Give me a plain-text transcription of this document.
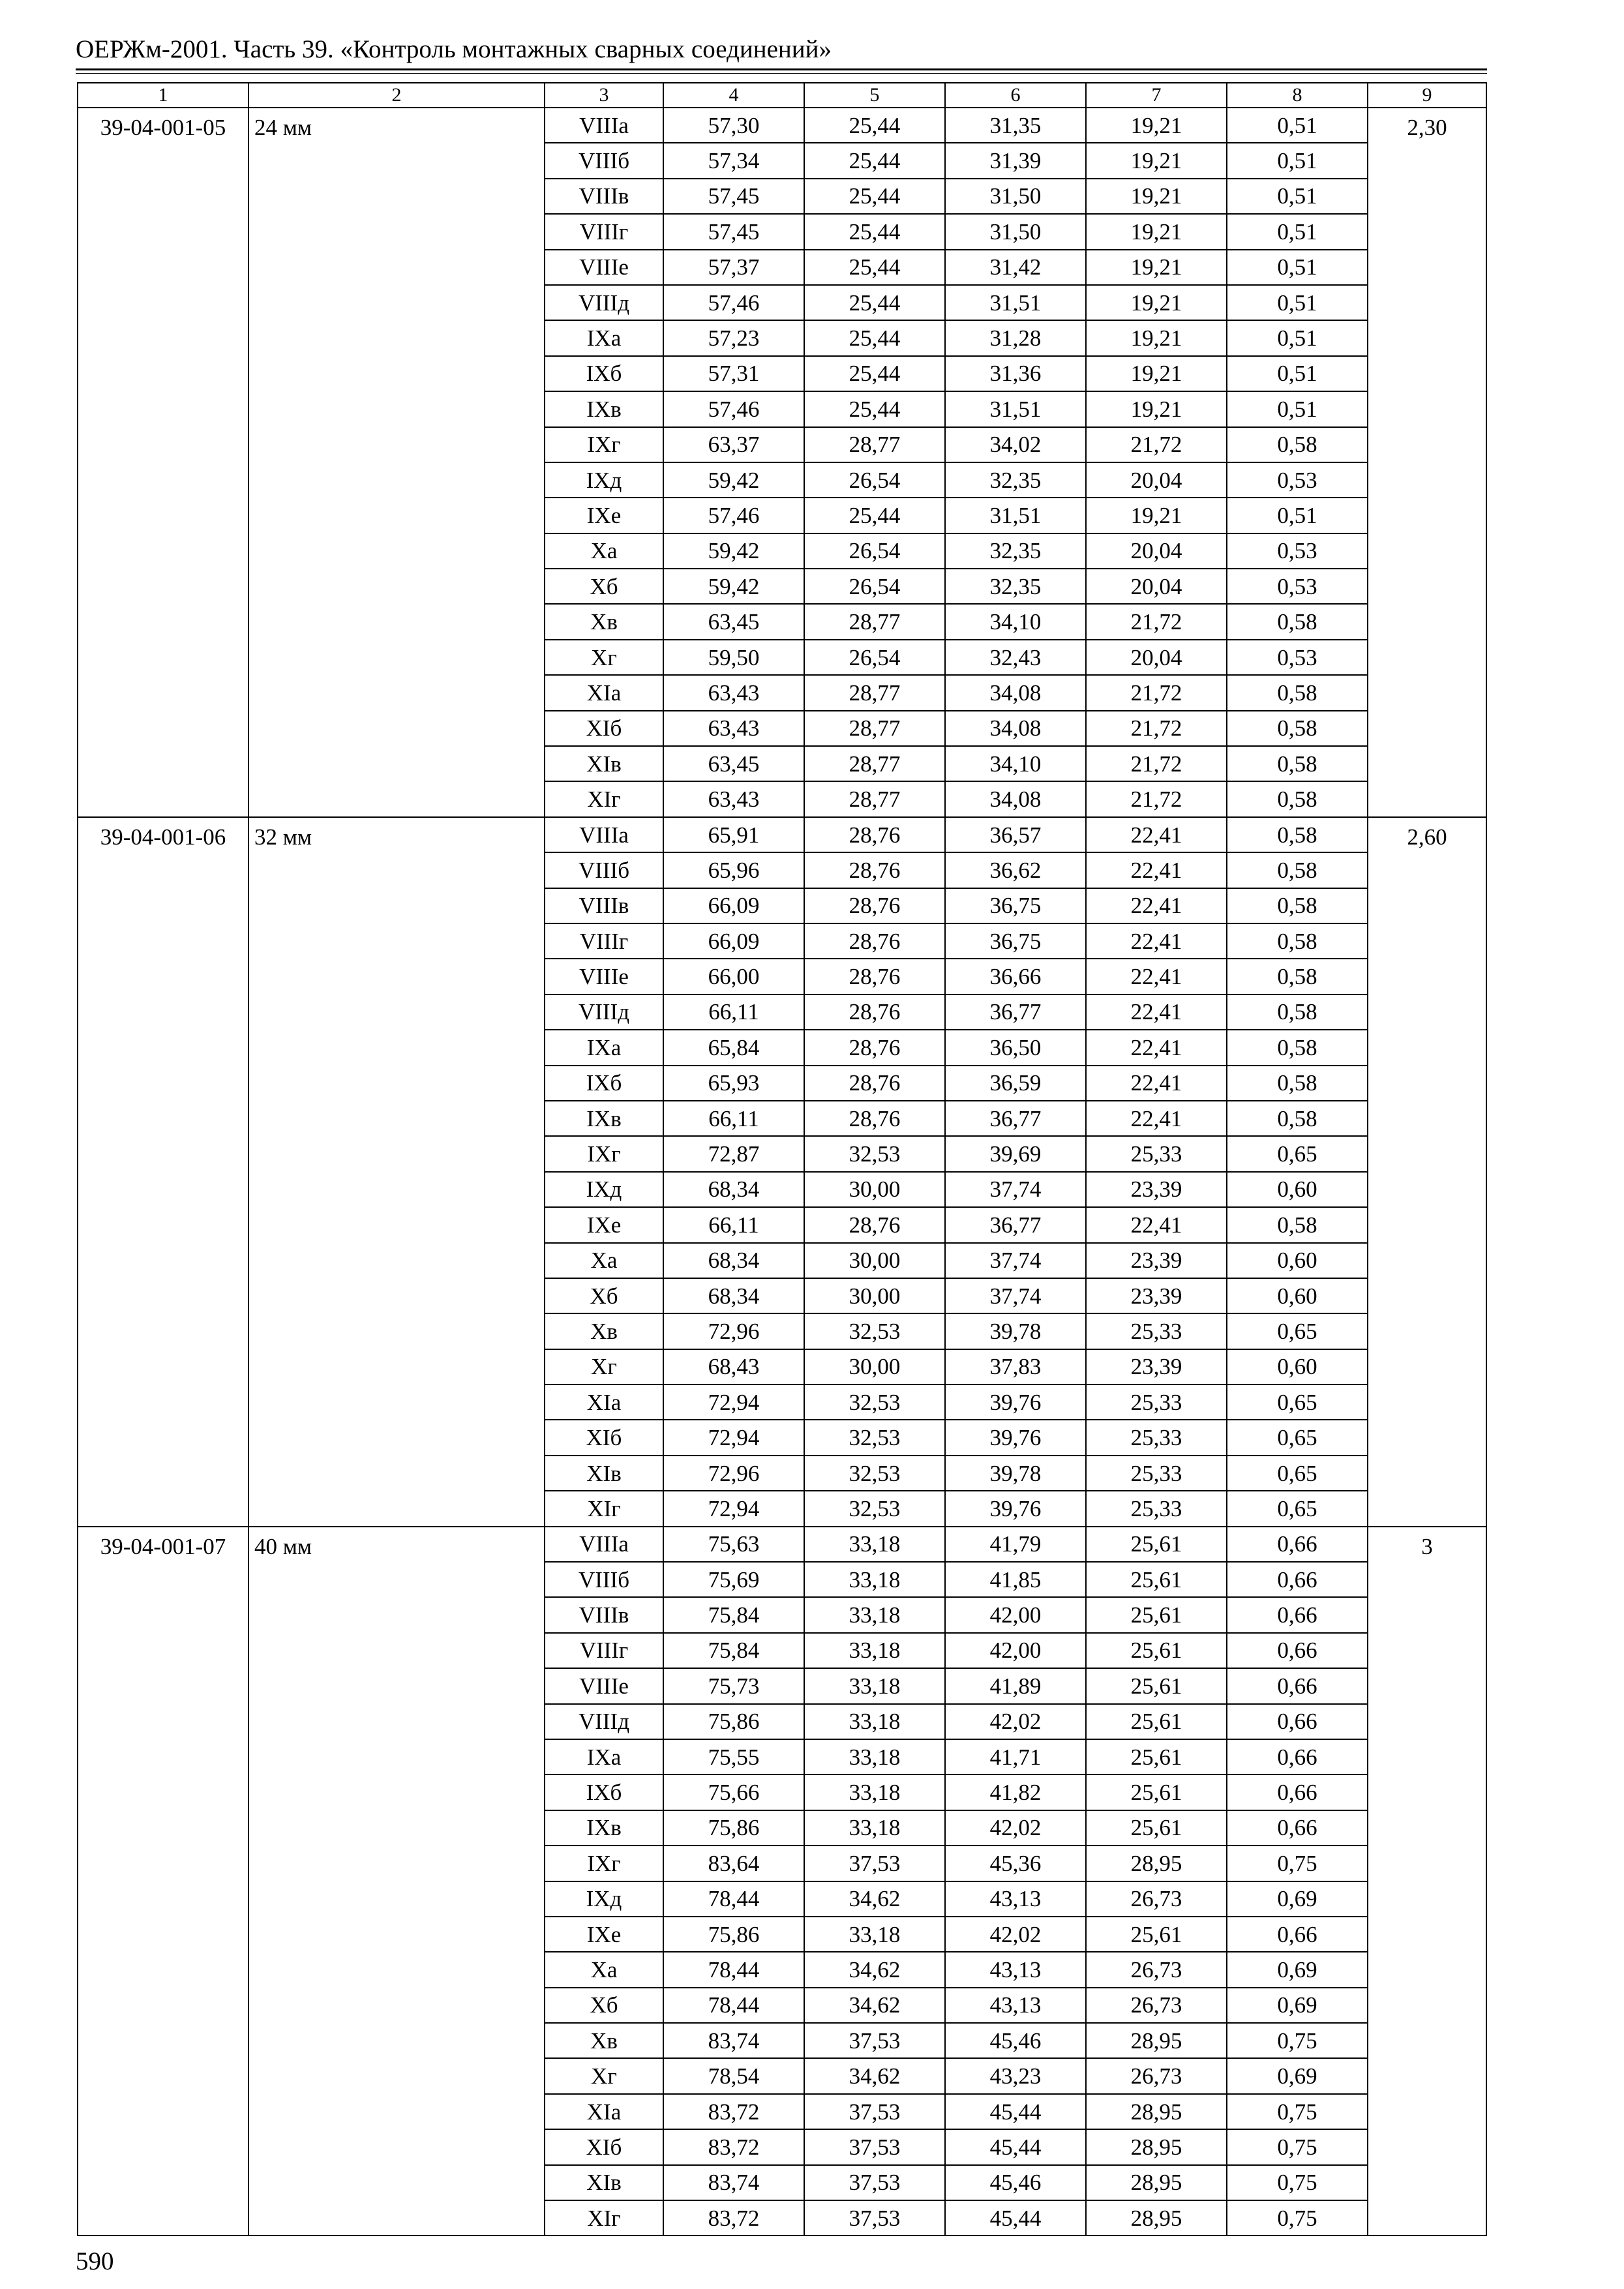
ОЕРЖм-2001. Часть 39. «Контроль монтажных сварных соединений»
1	2	3	4	5	6	7	8	9
39-04-001-05	24 мм	VIIIа	57,30	25,44	31,35	19,21	0,51	2,30
		VIIIб	57,34	25,44	31,39	19,21	0,51	
		VIIIв	57,45	25,44	31,50	19,21	0,51	
		VIIIг	57,45	25,44	31,50	19,21	0,51	
		VIIIе	57,37	25,44	31,42	19,21	0,51	
		VIIIд	57,46	25,44	31,51	19,21	0,51	
		IXа	57,23	25,44	31,28	19,21	0,51	
		IXб	57,31	25,44	31,36	19,21	0,51	
		IXв	57,46	25,44	31,51	19,21	0,51	
		IXг	63,37	28,77	34,02	21,72	0,58	
		IXд	59,42	26,54	32,35	20,04	0,53	
		IXе	57,46	25,44	31,51	19,21	0,51	
		Xа	59,42	26,54	32,35	20,04	0,53	
		Xб	59,42	26,54	32,35	20,04	0,53	
		Xв	63,45	28,77	34,10	21,72	0,58	
		Xг	59,50	26,54	32,43	20,04	0,53	
		XIа	63,43	28,77	34,08	21,72	0,58	
		XIб	63,43	28,77	34,08	21,72	0,58	
		XIв	63,45	28,77	34,10	21,72	0,58	
		XIг	63,43	28,77	34,08	21,72	0,58	
39-04-001-06	32 мм	VIIIа	65,91	28,76	36,57	22,41	0,58	2,60
		VIIIб	65,96	28,76	36,62	22,41	0,58	
		VIIIв	66,09	28,76	36,75	22,41	0,58	
		VIIIг	66,09	28,76	36,75	22,41	0,58	
		VIIIе	66,00	28,76	36,66	22,41	0,58	
		VIIIд	66,11	28,76	36,77	22,41	0,58	
		IXа	65,84	28,76	36,50	22,41	0,58	
		IXб	65,93	28,76	36,59	22,41	0,58	
		IXв	66,11	28,76	36,77	22,41	0,58	
		IXг	72,87	32,53	39,69	25,33	0,65	
		IXд	68,34	30,00	37,74	23,39	0,60	
		IXе	66,11	28,76	36,77	22,41	0,58	
		Xа	68,34	30,00	37,74	23,39	0,60	
		Xб	68,34	30,00	37,74	23,39	0,60	
		Xв	72,96	32,53	39,78	25,33	0,65	
		Xг	68,43	30,00	37,83	23,39	0,60	
		XIа	72,94	32,53	39,76	25,33	0,65	
		XIб	72,94	32,53	39,76	25,33	0,65	
		XIв	72,96	32,53	39,78	25,33	0,65	
		XIг	72,94	32,53	39,76	25,33	0,65	
39-04-001-07	40 мм	VIIIа	75,63	33,18	41,79	25,61	0,66	3
		VIIIб	75,69	33,18	41,85	25,61	0,66	
		VIIIв	75,84	33,18	42,00	25,61	0,66	
		VIIIг	75,84	33,18	42,00	25,61	0,66	
		VIIIе	75,73	33,18	41,89	25,61	0,66	
		VIIIд	75,86	33,18	42,02	25,61	0,66	
		IXа	75,55	33,18	41,71	25,61	0,66	
		IXб	75,66	33,18	41,82	25,61	0,66	
		IXв	75,86	33,18	42,02	25,61	0,66	
		IXг	83,64	37,53	45,36	28,95	0,75	
		IXд	78,44	34,62	43,13	26,73	0,69	
		IXе	75,86	33,18	42,02	25,61	0,66	
		Xа	78,44	34,62	43,13	26,73	0,69	
		Xб	78,44	34,62	43,13	26,73	0,69	
		Xв	83,74	37,53	45,46	28,95	0,75	
		Xг	78,54	34,62	43,23	26,73	0,69	
		XIа	83,72	37,53	45,44	28,95	0,75	
		XIб	83,72	37,53	45,44	28,95	0,75	
		XIв	83,74	37,53	45,46	28,95	0,75	
		XIг	83,72	37,53	45,44	28,95	0,75	
590
